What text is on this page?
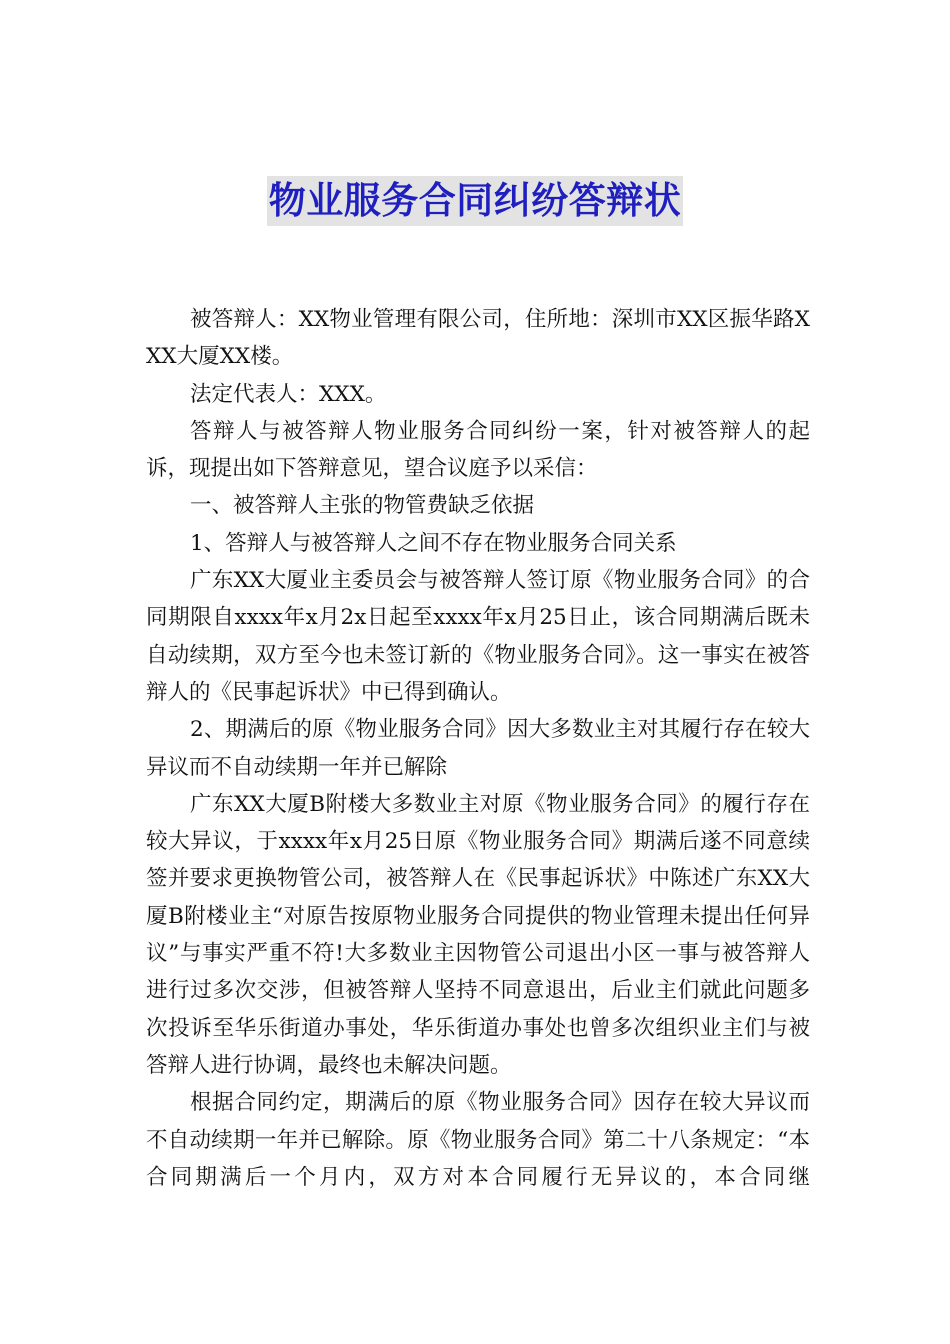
物业服务合同纠纷答辩状

被答辩人：XX物业管理有限公司，住所地：深圳市XX区振华路XXX大厦XX楼。

法定代表人：XXX。

答辩人与被答辩人物业服务合同纠纷一案，针对被答辩人的起诉，现提出如下答辩意见，望合议庭予以采信：

一、被答辩人主张的物管费缺乏依据

1、答辩人与被答辩人之间不存在物业服务合同关系

广东XX大厦业主委员会与被答辩人签订原《物业服务合同》的合同期限自xxxx年x月2x日起至xxxx年x月25日止，该合同期满后既未自动续期，双方至今也未签订新的《物业服务合同》。这一事实在被答辩人的《民事起诉状》中已得到确认。

2、期满后的原《物业服务合同》因大多数业主对其履行存在较大异议而不自动续期一年并已解除

广东XX大厦B附楼大多数业主对原《物业服务合同》的履行存在较大异议，于xxxx年x月25日原《物业服务合同》期满后遂不同意续签并要求更换物管公司，被答辩人在《民事起诉状》中陈述广东XX大厦B附楼业主“对原告按原物业服务合同提供的物业管理未提出任何异议”与事实严重不符!大多数业主因物管公司退出小区一事与被答辩人进行过多次交涉，但被答辩人坚持不同意退出，后业主们就此问题多次投诉至华乐街道办事处，华乐街道办事处也曾多次组织业主们与被答辩人进行协调，最终也未解决问题。

根据合同约定，期满后的原《物业服务合同》因存在较大异议而不自动续期一年并已解除。原《物业服务合同》第二十八条规定：“本合同期满后一个月内，双方对本合同履行无异议的，本合同继
